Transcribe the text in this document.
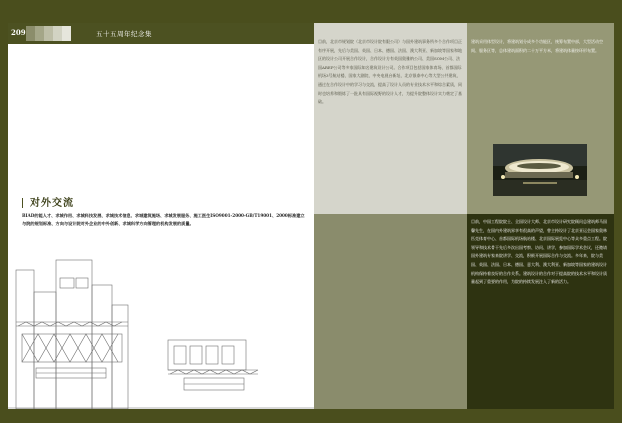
209	五十五周年纪念集
目前，北京市规划院（北京市设计院有限公司）与国外建筑事务所多个合作项目正有序开展，先后与美国、英国、日本、德国、法国、澳大利亚、新加坡等国家和地区的设计公司开展合作设计，合作设计方有英国奥雅纳公司、美国SOM公司、法国AREP公司等多家国际知名建筑设计公司。合作项目包括国家体育场、首都国际机场3号航站楼、国家大剧院、中央电视台新址、北京银泰中心等大型公共建筑，通过在合作设计中的学习与交流，提高了设计人员的专业技术水平和综合素质，同时也培养和锻炼了一批具有国际视野的设计人才，为提升院整体设计实力奠定了基础。
建筑采用体型设计，将建筑划分成多个功能区，统筹布置中部，大型活动空间、服务区等，总体建筑面积约二十万平方米，将建筑体量按环形布置。
目前，中国工程院院士、全国设计大师、北京市设计研究院顾问总建筑师马国馨先生，在国内外建筑界享有很高的声望，曾主持设计了北京亚运会国家奥林匹克体育中心、首都国际机场航站楼、北京国际展览中心等众多重点工程。院领导和技术骨干先后多次出国考察、访问、讲学，参加国际学术会议，还邀请国外建筑专家来院讲学、交流，积极开展国际合作与交流。多年来，院与美国、英国、法国、日本、德国、意大利、澳大利亚、新加坡等国家的建筑设计机构保持着良好的合作关系。建筑设计的合作对于提高院的技术水平和设计质量起到了重要的作用，为院的持续发展注入了新的活力。
对外交流
BIAD的能人才、求城作用、求城科技发展、求城技术信息、求城建筑施场、求城发展服务、施工医生ISO9001-2000-GB/T19001、2000标准建立与院的规划标准、方向与设计院对外企业的中外创新、求城科学方向管理的机构发展的质量。
